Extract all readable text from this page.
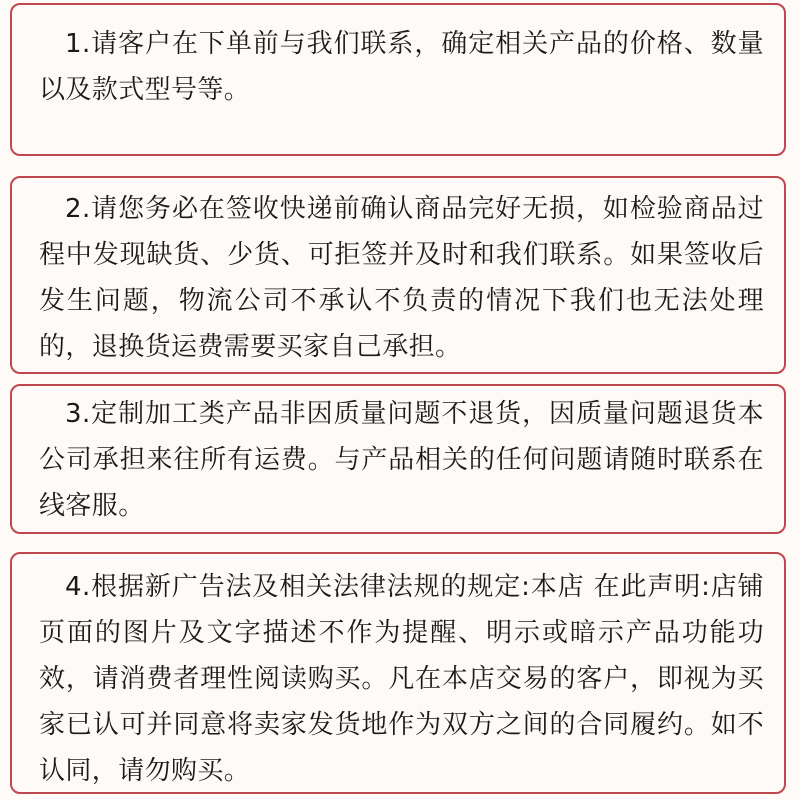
1.请客户在下单前与我们联系，确定相关产品的价格、数量以及款式型号等。

2.请您务必在签收快递前确认商品完好无损，如检验商品过程中发现缺货、少货、可拒签并及时和我们联系。如果签收后发生问题，物流公司不承认不负责的情况下我们也无法处理的，退换货运费需要买家自己承担。

3.定制加工类产品非因质量问题不退货，因质量问题退货本公司承担来往所有运费。与产品相关的任何问题请随时联系在线客服。

4.根据新广告法及相关法律法规的规定:本店 在此声明:店铺页面的图片及文字描述不作为提醒、明示或暗示产品功能功效，请消费者理性阅读购买。凡在本店交易的客户，即视为买家已认可并同意将卖家发货地作为双方之间的合同履约。如不认同，请勿购买。
